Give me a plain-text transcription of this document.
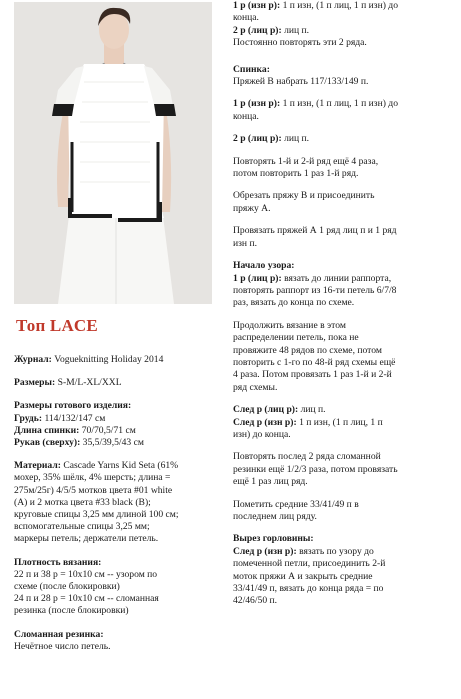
Топ LACE

Журнал: Vogueknitting Holiday 2014

Размеры: S-M/L-XL/XXL

Размеры готового изделия:

Грудь: 114/132/147 см

Длина спинки: 70/70,5/71 см

Рукав (сверху): 35,5/39,5/43 см

Материал: Cascade Yarns Kid Seta (61%

мохер, 35% шёлк, 4% шерсть; длина =

275м/25г) 4/5/5 мотков цвета #01 white

(A) и 2 мотка цвета #33 black (B);

круговые спицы 3,25 мм длиной 100 см;

вспомогательные спицы 3,25 мм;

маркеры петель; держатели петель.

Плотность вязания:

22 п и 38 р = 10x10 см -- узором по

схеме (после блокировки)

24 п и 28 р = 10x10 см -- сломанная

резинка (после блокировки)

Сломанная резинка:

Нечётное число петель.

1 р (изн р): 1 п изн, (1 п лиц, 1 п изн) до

конца.

2 р (лиц р): лиц п.

Постоянно повторять эти 2 ряда.

Спинка:

Пряжей В набрать 117/133/149 п.

1 р (изн р): 1 п изн, (1 п лиц, 1 п изн) до

конца.

2 р (лиц р): лиц п.

Повторять 1-й и 2-й ряд ещё 4 раза,

потом повторить 1 раз 1-й ряд.

Обрезать пряжу В и присоединить

пряжу А.

Провязать пряжей А 1 ряд лиц п и 1 ряд

изн п.

Начало узора:

1 р (лиц р): вязать до линии раппорта,

повторять раппорт из 16-ти петель 6/7/8

раз, вязать до конца по схеме.

Продолжить вязание в этом

распределении петель, пока не

провяжите 48 рядов по схеме, потом

повторить с 1-го по 48-й ряд схемы ещё

4 раза. Потом провязать 1 раз 1-й и 2-й

ряд схемы.

След р (лиц р): лиц п.

След р (изн р): 1 п изн, (1 п лиц, 1 п

изн) до конца.

Повторять послед 2 ряда сломанной

резинки ещё 1/2/3 раза, потом провязать

ещё 1 раз лиц ряд.

Пометить средние 33/41/49 п в

последнем лиц ряду.

Вырез горловины:

След р (изн р): вязать по узору до

помеченной петли, присоединить 2-й

моток пряжи А и закрыть средние

33/41/49 п, вязать до конца ряда = по

42/46/50 п.
